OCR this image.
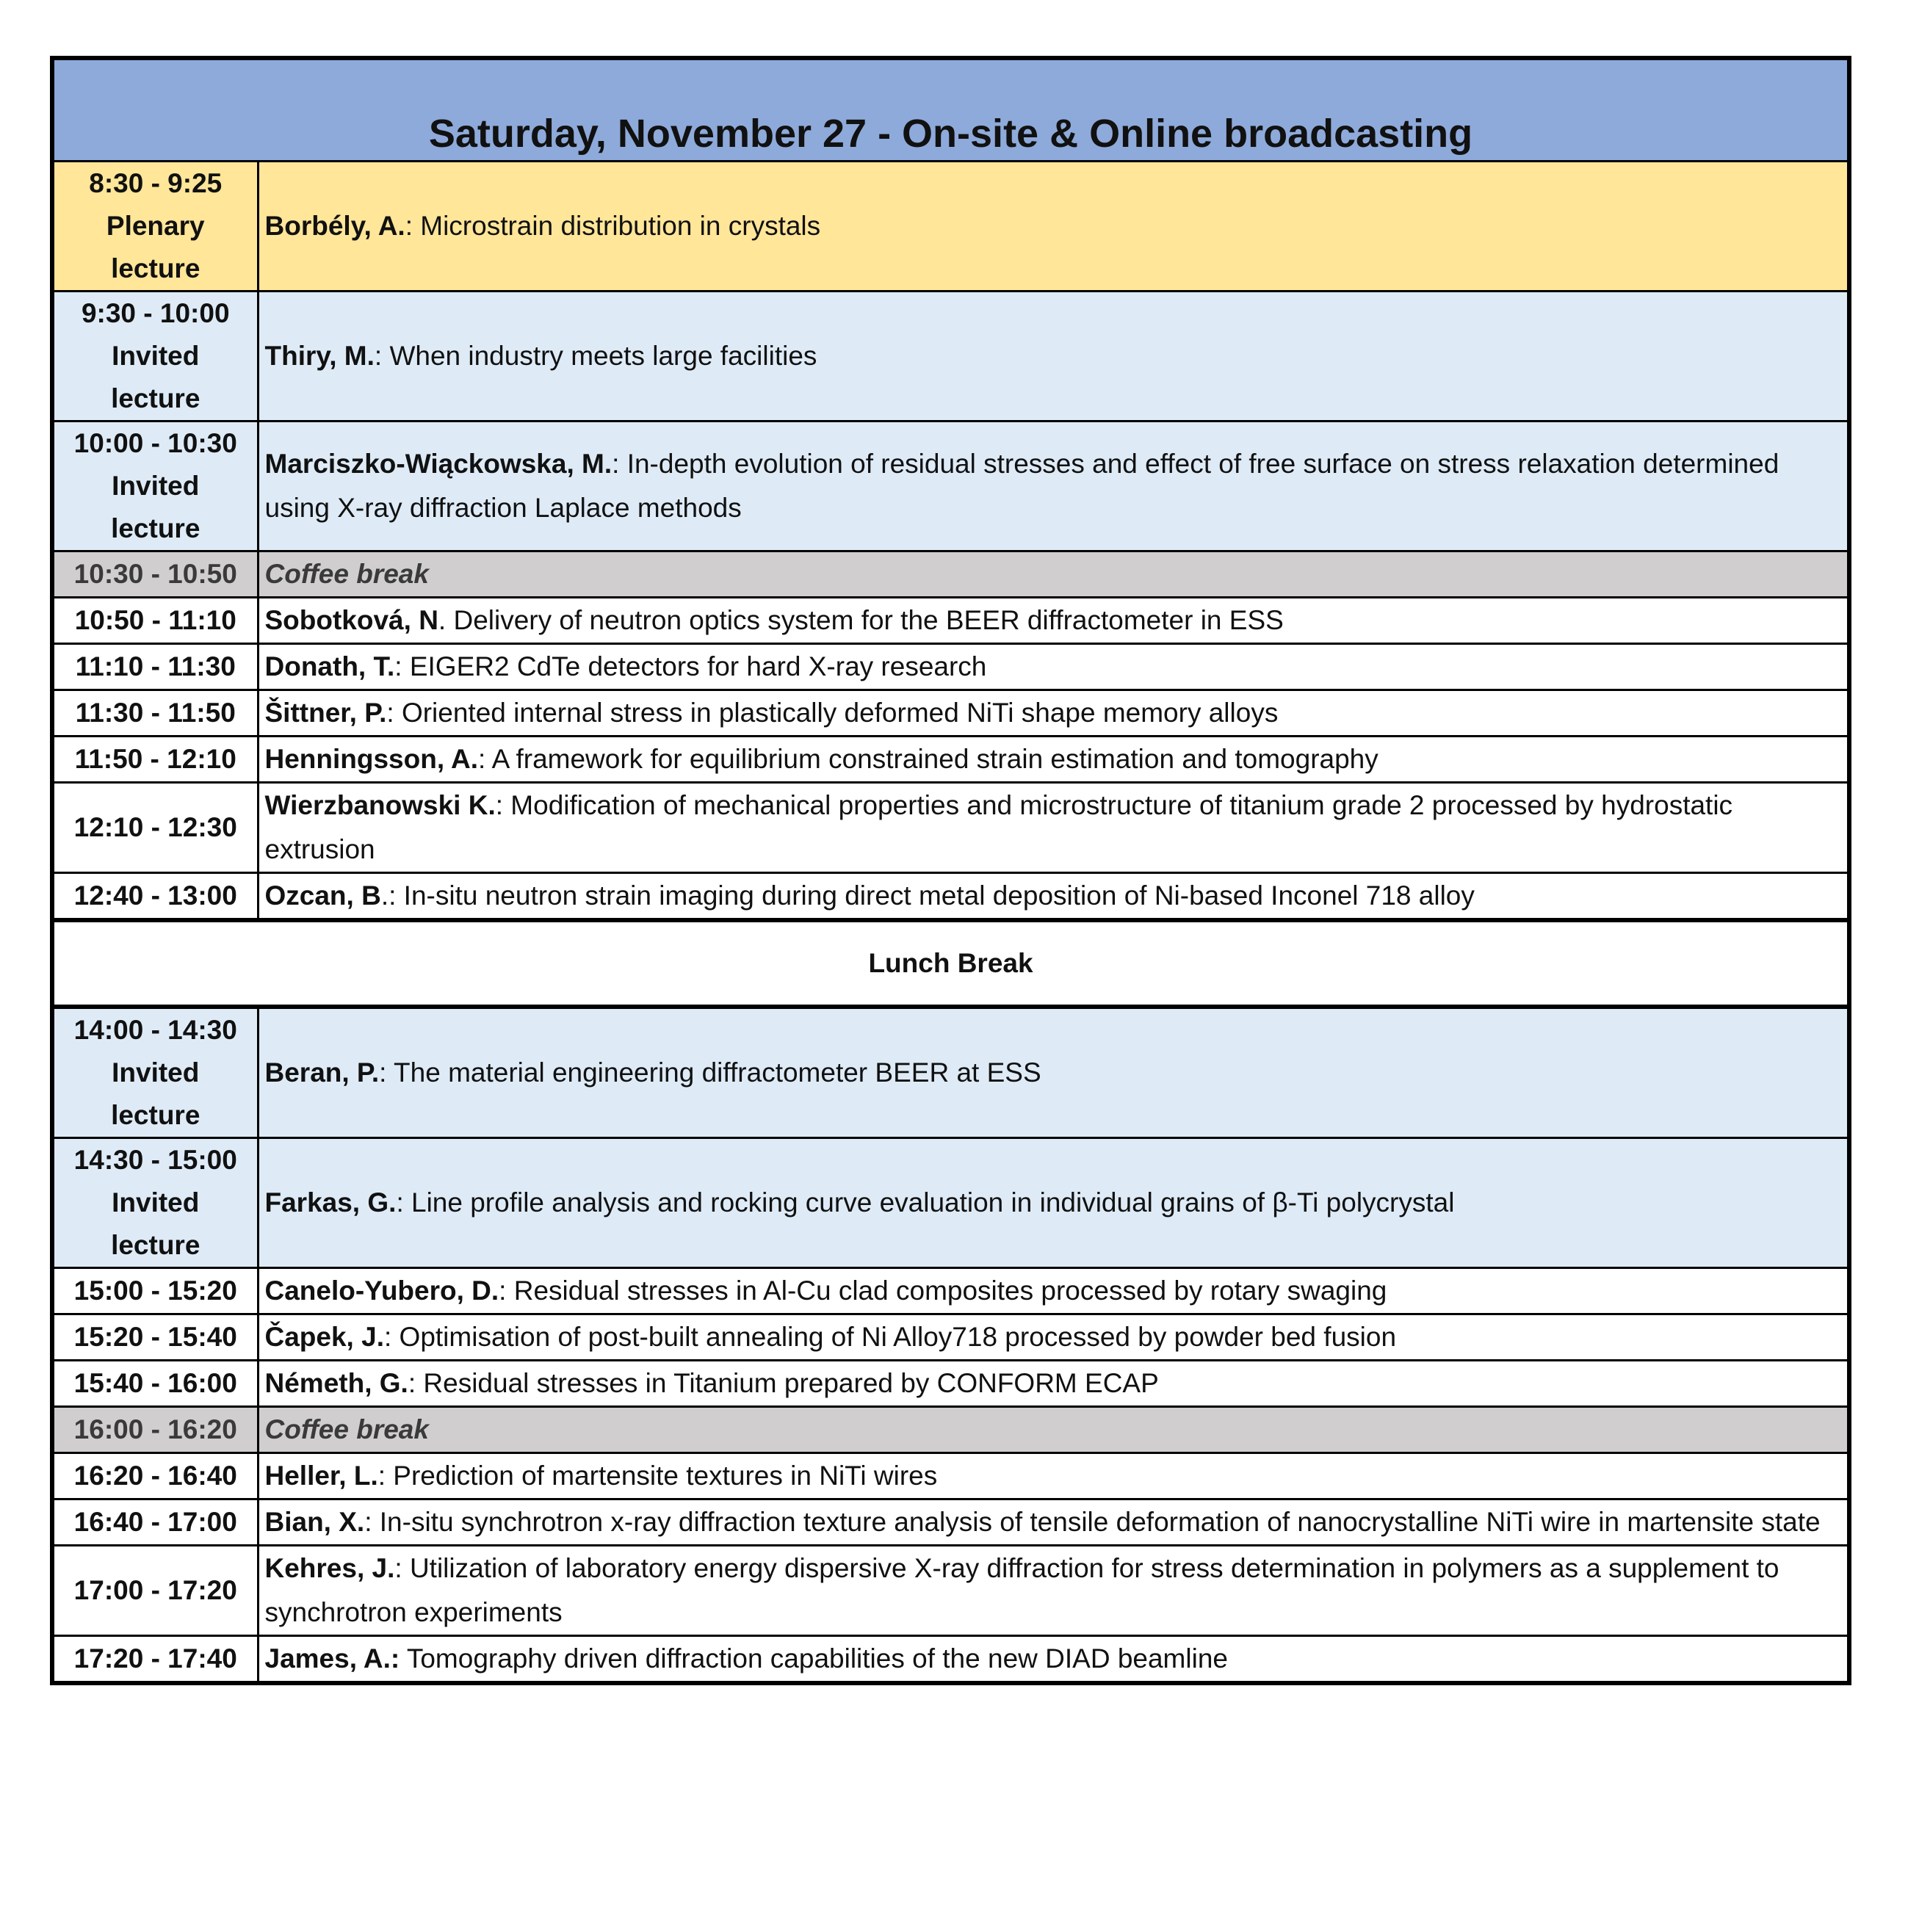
Saturday, November 27 - On-site & Online broadcasting	
8:30 - 9:25
Plenary
lecture	Borbély, A.: Microstrain distribution in crystals
9:30 - 10:00
Invited
lecture	Thiry, M.: When industry meets large facilities
10:00 - 10:30
Invited
lecture	Marciszko-Wiąckowska, M.: In-depth evolution of residual stresses and effect of free surface on stress relaxation determined using X-ray diffraction Laplace methods
10:30 - 10:50	Coffee break
10:50 - 11:10	Sobotková, N. Delivery of neutron optics system for the BEER diffractometer in ESS
11:10 - 11:30	Donath, T.: EIGER2 CdTe detectors for hard X-ray research
11:30 - 11:50	Šittner, P.: Oriented internal stress in plastically deformed NiTi shape memory alloys
11:50 - 12:10	Henningsson, A.: A framework for equilibrium constrained strain estimation and tomography
12:10 - 12:30	Wierzbanowski K.: Modification of mechanical properties and microstructure of titanium grade 2 processed by hydrostatic extrusion
12:40 - 13:00	Ozcan, B.: In-situ neutron strain imaging during direct metal deposition of Ni-based Inconel 718 alloy
Lunch Break	
14:00 - 14:30
Invited
lecture	Beran, P.: The material engineering diffractometer BEER at ESS
14:30 - 15:00
Invited
lecture	Farkas, G.: Line profile analysis and rocking curve evaluation in individual grains of β-Ti polycrystal
15:00 - 15:20	Canelo-Yubero, D.: Residual stresses in Al-Cu clad composites processed by rotary swaging
15:20 - 15:40	Čapek, J.: Optimisation of post-built annealing of Ni Alloy718 processed by powder bed fusion
15:40 - 16:00	Németh, G.: Residual stresses in Titanium prepared by CONFORM ECAP
16:00 - 16:20	Coffee break
16:20 - 16:40	Heller, L.: Prediction of martensite textures in NiTi wires
16:40 - 17:00	Bian, X.: In-situ synchrotron x-ray diffraction texture analysis of tensile deformation of nanocrystalline NiTi wire in martensite state
17:00 - 17:20	Kehres, J.: Utilization of laboratory energy dispersive X-ray diffraction for stress determination in polymers as a supplement to synchrotron experiments
17:20 - 17:40	James, A.: Tomography driven diffraction capabilities of the new DIAD beamline
